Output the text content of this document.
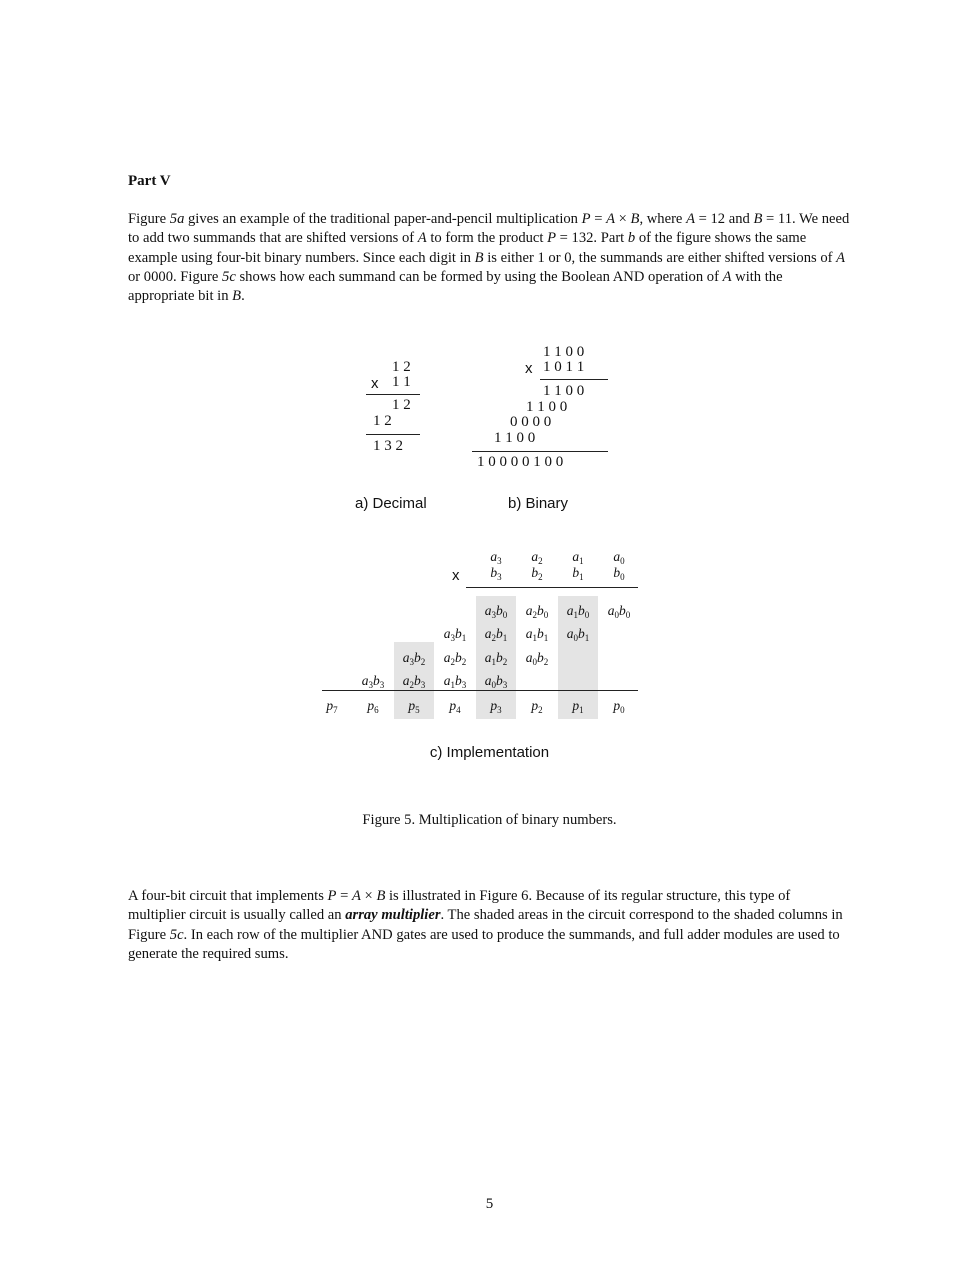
Part V
Figure 5a gives an example of the traditional paper-and-pencil multiplication P = A × B, where A = 12 and B = 11. We need to add two summands that are shifted versions of A to form the product P = 132. Part b of the figure shows the same example using four-bit binary numbers. Since each digit in B is either 1 or 0, the summands are either shifted versions of A or 0000. Figure 5c shows how each summand can be formed by using the Boolean AND operation of A with the appropriate bit in B.
1 2
x 1 1
1 2
1 2
1 3 2
a) Decimal
1 1 0 0
x 1 0 1 1
1 1 0 0
1 1 0 0
0 0 0 0
1 1 0 0
1 0 0 0 0 1 0 0
b) Binary
x
c) Implementation
$a_3$	$a_2$	$a_1$	$a_0$
$b_3$	$b_2$	$b_1$	$b_0$
$a_3b_0$	$a_2b_0$	$a_1b_0$	$a_0b_0$
$a_3b_1$	$a_2b_1$	$a_1b_1$	$a_0b_1$
$a_3b_2$	$a_2b_2$	$a_1b_2$	$a_0b_2$
$a_3b_3$	$a_2b_3$	$a_1b_3$	$a_0b_3$
$p_7$	$p_6$	$p_5$	$p_4$	$p_3$	$p_2$	$p_1$	$p_0$
Figure 5. Multiplication of binary numbers.
A four-bit circuit that implements P = A × B is illustrated in Figure 6. Because of its regular structure, this type of multiplier circuit is usually called an array multiplier. The shaded areas in the circuit correspond to the shaded columns in Figure 5c. In each row of the multiplier AND gates are used to produce the summands, and full adder modules are used to generate the required sums.
5
